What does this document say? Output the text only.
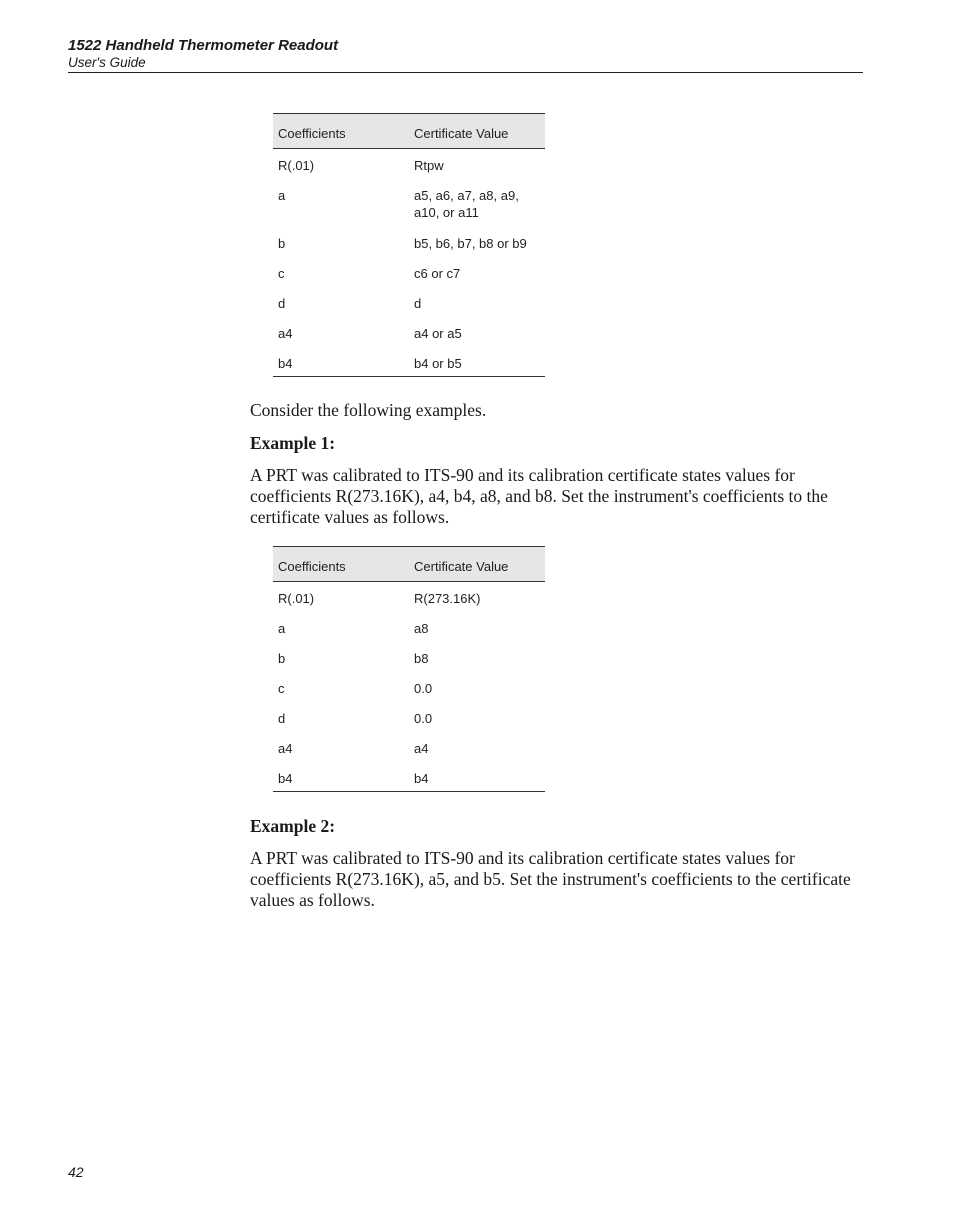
1522 Handheld Thermometer Readout
User's Guide
Coefficients	Certificate Value
R(.01)	Rtpw
a	a5, a6, a7, a8, a9, a10, or a11
b	b5, b6, b7, b8 or b9
c	c6 or c7
d	d
a4	a4 or a5
b4	b4 or b5

Consider the following examples.

Example 1:

A PRT was calibrated to ITS-90 and its calibration certificate states values for coefficients R(273.16K), a4, b4, a8, and b8. Set the instrument's coefficients to the certificate values as follows.

Coefficients	Certificate Value
R(.01)	R(273.16K)
a	a8
b	b8
c	0.0
d	0.0
a4	a4
b4	b4

Example 2:

A PRT was calibrated to ITS-90 and its calibration certificate states values for coefficients R(273.16K), a5, and b5. Set the instrument's coefficients to the certificate values as follows.

42
